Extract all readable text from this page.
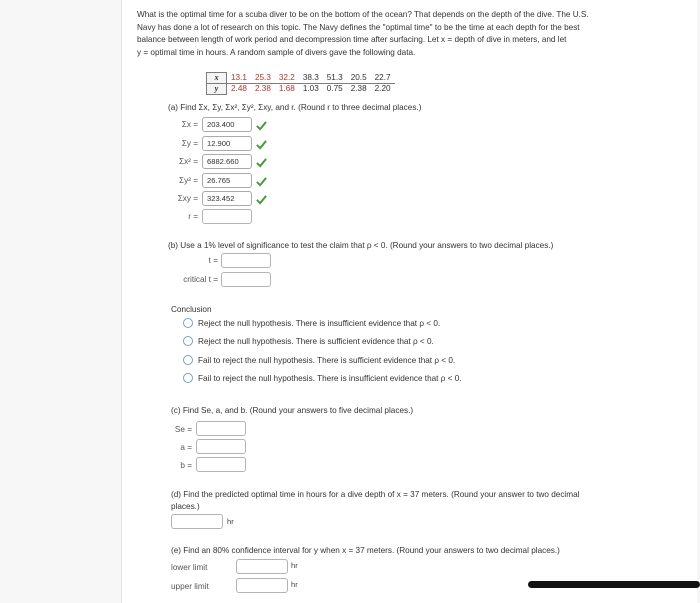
What is the optimal time for a scuba diver to be on the bottom of the ocean? That depends on the depth of the dive. The U.S.
Navy has done a lot of research on this topic. The Navy defines the "optimal time" to be the time at each depth for the best
balance between length of work period and decompression time after surfacing. Let x = depth of dive in meters, and let
y = optimal time in hours. A random sample of divers gave the following data.
x	13.1	25.3	32.2	38.3	51.3	20.5	22.7
y	2.48	2.38	1.68	1.03	0.75	2.38	2.20
(a) Find Σx, Σy, Σx², Σy², Σxy, and r. (Round r to three decimal places.)
Σx =	203.400
Σy =	12.900
Σx² =	6882.660
Σy² =	26.765
Σxy =	323.452
r =
(b) Use a 1% level of significance to test the claim that ρ < 0. (Round your answers to two decimal places.)
t =
critical t =
Conclusion
Reject the null hypothesis. There is insufficient evidence that ρ < 0.
Reject the null hypothesis. There is sufficient evidence that ρ < 0.
Fail to reject the null hypothesis. There is sufficient evidence that ρ < 0.
Fail to reject the null hypothesis. There is insufficient evidence that ρ < 0.
(c) Find Se, a, and b. (Round your answers to five decimal places.)
Se =
a =
b =
(d) Find the predicted optimal time in hours for a dive depth of x = 37 meters. (Round your answer to two decimal
places.)
hr
(e) Find an 80% confidence interval for y when x = 37 meters. (Round your answers to two decimal places.)
lower limit	hr
upper limit	hr
